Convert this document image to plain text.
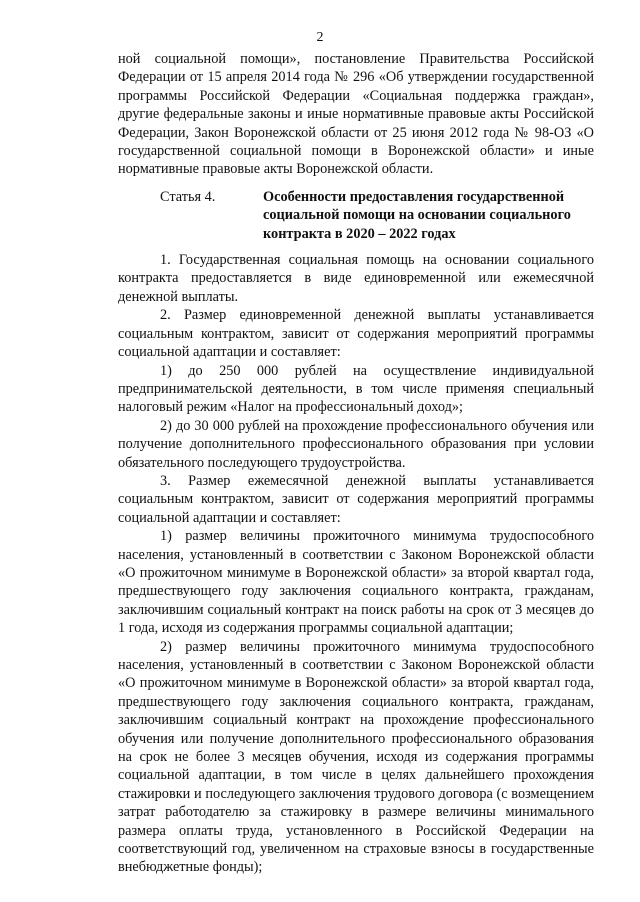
2

ной социальной помощи», постановление Правительства Российской Федерации от 15 апреля 2014 года № 296 «Об утверждении государственной программы Российской Федерации «Социальная поддержка граждан», другие федеральные законы и иные нормативные правовые акты Российской Федерации, Закон Воронежской области от 25 июня 2012 года № 98-ОЗ «О государственной социальной помощи в Воронежской области» и иные нормативные правовые акты Воронежской области.

Статья 4.	Особенности предоставления государственной
социальной помощи на основании социального
контракта в 2020 – 2022 годах

1. Государственная социальная помощь на основании социального контракта предоставляется в виде единовременной или ежемесячной денежной выплаты.

2. Размер единовременной денежной выплаты устанавливается социальным контрактом, зависит от содержания мероприятий программы социальной адаптации и составляет:

1) до 250 000 рублей на осуществление индивидуальной предпринимательской деятельности, в том числе применяя специальный налоговый режим «Налог на профессиональный доход»;

2) до 30 000 рублей на прохождение профессионального обучения или получение дополнительного профессионального образования при условии обязательного последующего трудоустройства.

3. Размер ежемесячной денежной выплаты устанавливается социальным контрактом, зависит от содержания мероприятий программы социальной адаптации и составляет:

1) размер величины прожиточного минимума трудоспособного населения, установленный в соответствии с Законом Воронежской области «О прожиточном минимуме в Воронежской области» за второй квартал года, предшествующего году заключения социального контракта, гражданам, заключившим социальный контракт на поиск работы на срок от 3 месяцев до 1 года, исходя из содержания программы социальной адаптации;

2) размер величины прожиточного минимума трудоспособного населения, установленный в соответствии с Законом Воронежской области «О прожиточном минимуме в Воронежской области» за второй квартал года, предшествующего году заключения социального контракта, гражданам, заключившим социальный контракт на прохождение профессионального обучения или получение дополнительного профессионального образования на срок не более 3 месяцев обучения, исходя из содержания программы социальной адаптации, в том числе в целях дальнейшего прохождения стажировки и последующего заключения трудового договора (с возмещением затрат работодателю за стажировку в размере величины минимального размера оплаты труда, установленного в Российской Федерации на соответствующий год, увеличенном на страховые взносы в государственные внебюджетные фонды);
